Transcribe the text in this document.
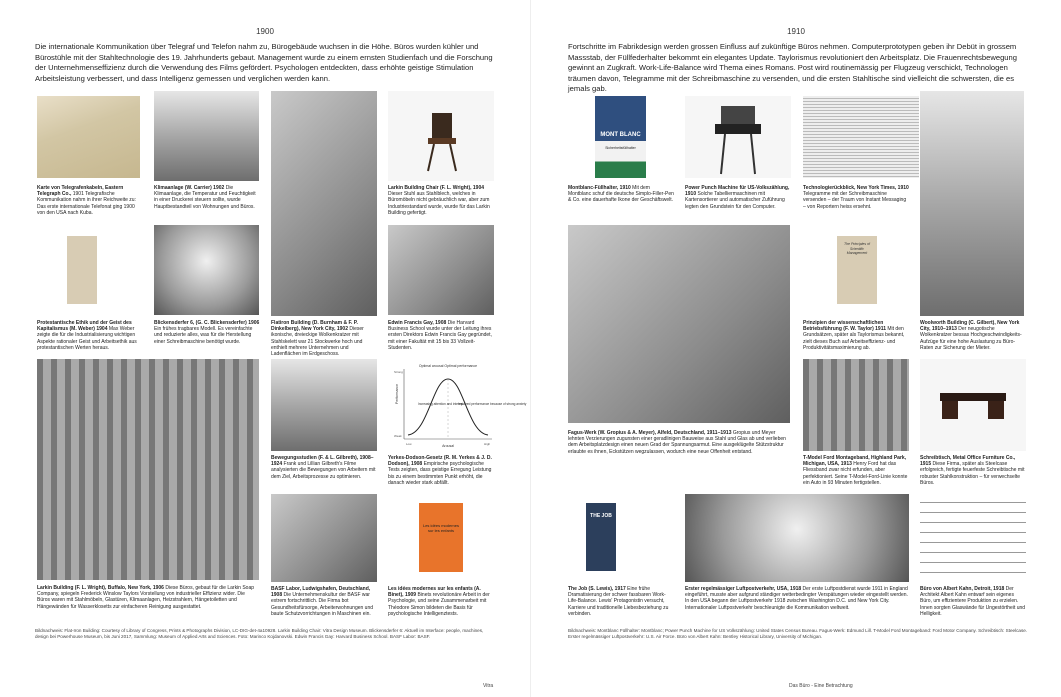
1900
Die internationale Kommunikation über Telegraf und Telefon nahm zu, Bürogebäude wuchsen in die Höhe. Büros wurden kühler und Bürostühle mit der Stahltechnologie des 19. Jahrhunderts gebaut. Management wurde zu einem ernsten Studienfach und die Forschung der Unternehmenseffizienz durch die Verwendung des Films gefördert. Psychologen entdeckten, dass erhöhte geistige Stimulation Arbeitsleistung verbessert, und dass Intelligenz gemessen und verglichen werden kann.
Karte von Telegrafenkabeln, Eastern Telegraph Co., 1901 Telegrafische Kommunikation nahm in ihrer Reichweite zu: Das erste internationale Telefonat ging 1900 von den USA nach Kuba.
Klimaanlage (W. Carrier) 1902 Die Klimaanlage, die Temperatur und Feuchtigkeit in einer Druckerei steuern sollte, wurde Hauptbestandteil von Wohnungen und Büros.
Larkin Building Chair (F. L. Wright), 1904 Dieser Stuhl aus Stahlblech, welches in Büromöbeln nicht gebräuchlich war, aber zum Industriestandard wurde, wurde für das Larkin Building gefertigt.
Protestantische Ethik und der Geist des Kapitalismus (M. Weber) 1904 Max Weber zeigte die für die Industrialisierung wichtigen Aspekte rationaler Geist und Arbeitsethik aus protestantischen Werten heraus.
Blickensderfer 6, (G. C. Blickensderfer) 1906 Ein frühes tragbares Modell. Es vereinfachte und reduzierte alles, was für die Herstellung einer Schreibmaschine benötigt wurde.
Flatiron Building (D. Burnham & F. P. Dinkelberg), New York City, 1902 Dieser ikonische, dreieckige Wolkenkratzer mit Stahlskelett war 21 Stockwerke hoch und enthielt mehrere Unternehmen und Ladenflächen im Erdgeschoss.
Edwin Francis Gay, 1908 Die Harvard Business School wurde unter der Leitung ihres ersten Direktors Edwin Francis Gay gegründet, mit einer Fakultät mit 15 bis 33 Vollzeit-Studenten.
Larkin Building (F. L. Wright), Buffalo, New York, 1906 Diese Büros, gebaut für die Larkin Soap Company, spiegeln Frederick Winslow Taylors Vorstellung von industrieller Effizienz wider. Die Büros waren mit Stahlmöbeln, Glastüren, Klimaanlagen, Heizstrahlern, Hängetoiletten und Hängewänden für Wasserklosetts zur einfacheren Reinigung ausgestattet.
Bewegungsstudien (F. & L. Gilbreth), 1908–1924 Frank und Lillian Gilbreth's Filme analysierten die Bewegungen von Arbeitern mit dem Ziel, Arbeitsprozesse zu optimieren.
Optimal arousal Optimal performance
Increasing attention and interest
Impaired performance because of strong anxiety
Performance
Arousal
Strong
Weak
Low	High
Yerkes-Dodson-Gesetz (R. M. Yerkes & J. D. Dodson), 1908 Empirische psychologische Tests zeigten, dass geistige Erregung Leistung bis zu einem bestimmten Punkt erhöht, die danach wieder stark abfällt.
BASF Labor, Ludwigshafen, Deutschland, 1908 Die Unternehmenskultur der BASF war extrem fortschrittlich. Die Firma bot Gesundheitsfürsorge, Arbeiterwohnungen und baute Schutzvorrichtungen in Maschinen ein.
Les idées modernes sur les enfants
Les idées modernes sur les enfants (A. Binet), 1909 Binets revolutionäre Arbeit in der Psychologie, und seine Zusammenarbeit mit Théodore Simon bildeten die Basis für psychologische Intelligenztests.
Bildnachweis: Flat-Iron Building: Courtesy of Library of Congress, Prints & Photographs Division, LC-DIG-det-4a10928. Larkin Building Chair: Vitra Design Museum. Blickensderfer 6: Aktuell im Interface: people, machines, design bei Powerhouse Museum, bis Juni 2017, Sammlung: Museum of Applied Arts and Sciences. Foto: Marinco Kojdanovski. Edwin Francis Gay: Harvard Business School. BASF Labor: BASF.
Vitra
1910
Fortschritte im Fabrikdesign werden grossen Einfluss auf zukünftige Büros nehmen. Computerprototypen geben ihr Debüt in grossem Massstab, der Füllfederhalter bekommt ein elegantes Update. Taylorismus revolutioniert den Arbeitsplatz. Die Frauenrechtsbewegung gewinnt an Zugkraft. Work-Life-Balance wird Thema eines Romans. Post wird routinemässig per Flugzeug verschickt, Technologen träumen davon, Telegramme mit der Schreibmaschine zu versenden, und die ersten Stahltische sind vielleicht die schwersten, die es jemals gab.
MONT BLANC
Sicherheitsfüllhalter
Montblanc-Füllhalter, 1910 Mit dem Montblanc schuf die deutsche Simplo-Filler-Pen & Co. eine dauerhafte Ikone der Geschäftswelt.
Power Punch Machine für US-Volkszählung, 1910 Solche Tabelliermaschinen mit Kartensortierer und automatischer Zuführung legten den Grundstein für den Computer.
Technologierückblick, New York Times, 1910 Telegramme mit der Schreibmaschine versenden – der Traum von Instant Messaging – von Reportern heiss ersehnt.
Fagus-Werk (W. Gropius & A. Meyer), Alfeld, Deutschland, 1911–1913 Gropius und Meyer lehnten Verzierungen zugunsten einer geradlinigen Bauweise aus Stahl und Glas ab und verlieben dem Arbeitsplatzdesign einen neuen Grad der Spannungsarmut. Eine ausgeklügelte Stützstruktur erlaubte es ihnen, Eckstützen wegzulassen, wodurch eine neue Offenheit entstand.
The Principles of Scientific Management
Prinzipien der wissenschaftlichen Betriebsführung (F. W. Taylor) 1911 Mit den Grundsätzen, später als Taylorismus bekannt, zielt dieses Buch auf Arbeitseffizienz- und Produktivitätsmaximierung ab.
Woolworth Building (C. Gilbert), New York City, 1910–1913 Der neugotische Wolkenkratzer bessas Hochgeschwindigkeits-Aufzüge für eine hohe Auslastung zu Büro-Raten zur Sicherung der Mieter.
T-Model Ford Montageband, Highland Park, Michigan, USA, 1913 Henry Ford hat das Fliessband zwar nicht erfunden, aber perfektioniert. Seine T-Model-Ford-Linie konnte ein Auto in 93 Minuten fertigstellen.
Schreibtisch, Metal Office Furniture Co., 1915 Diese Firma, später als Steelcase erfolgreich, fertigte feuerfeste Schreibtische mit robuster Stahlkonstruktion – für verwechselte Büros.
THE JOB
The Job (S. Lewis), 1917 Eine frühe Dramatisierung der schwer fassbaren Work-Life-Balance. Lewis' Protagonistin versucht, Karriere und traditionelle Liebesbeziehung zu verbinden.
Erster regelmässiger Luftpostverkehr, USA, 1918 Der erste Luftpostdienst wurde 1911 in England eingeführt, musste aber aufgrund ständiger wetterbedingter Verspätungen wieder eingestellt werden. In den USA begann der Luftpostverkehr 1918 zwischen Washington D.C. und New York City. Internationaler Luftpostverkehr beschleunigte die Kommunikation weltweit.
Büro von Albert Kahn, Detroit, 1918 Der Architekt Albert Kahn entwarf sein eigenes Büro, um effizientere Produktion zu erzielen. Innen sorgten Glaswände für Ungestörtheit und Helligkeit.
Bildnachweis: Montblanc Füllhalter: Montblanc; Power Punch Machine for US Volkszählung: United States Census Bureau. Fagus-Werk: Edmund Lill. T-Model Ford Montageband: Ford Motor Company. Schreibtisch: Steelcase. Erster regelmässiger Luftpostverkehr: U.S. Air Force. Büro von Albert Kahn: Bentley Historical Library, University of Michigan.
Das Büro - Eine Betrachtung
